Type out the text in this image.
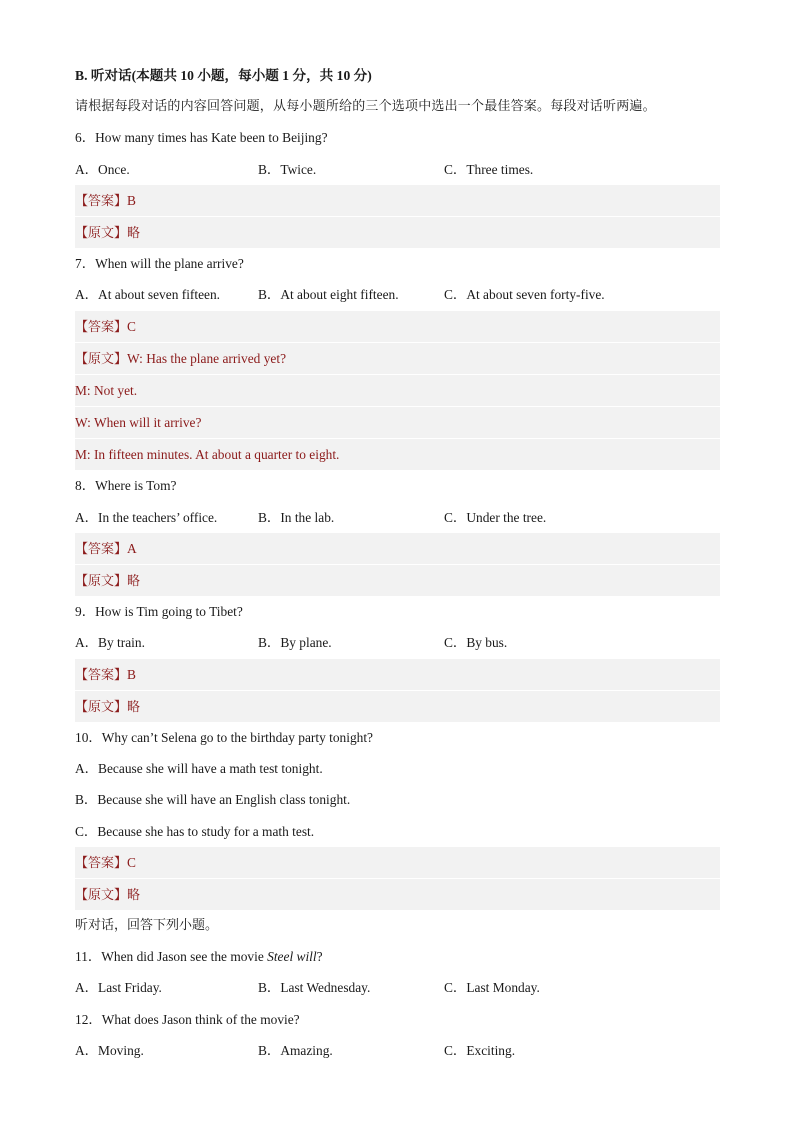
B. 听对话(本题共 10 小题，每小题 1 分，共 10 分)
请根据每段对话的内容回答问题，从每小题所给的三个选项中选出一个最佳答案。每段对话听两遍。
6．How many times has Kate been to Beijing?
A．Once.	B．Twice.	C．Three times.
【答案】B
【原文】略
7．When will the plane arrive?
A．At about seven fifteen.	B．At about eight fifteen.	C．At about seven forty-five.
【答案】C
【原文】W: Has the plane arrived yet?
M: Not yet.
W: When will it arrive?
M: In fifteen minutes. At about a quarter to eight.
8．Where is Tom?
A．In the teachers’ office.	B．In the lab.	C．Under the tree.
【答案】A
【原文】略
9．How is Tim going to Tibet?
A．By train.	B．By plane.	C．By bus.
【答案】B
【原文】略
10．Why can’t Selena go to the birthday party tonight?
A．Because she will have a math test tonight.
B．Because she will have an English class tonight.
C．Because she has to study for a math test.
【答案】C
【原文】略
听对话，回答下列小题。
11．When did Jason see the movie Steel will?
A．Last Friday.	B．Last Wednesday.	C．Last Monday.
12．What does Jason think of the movie?
A．Moving.	B．Amazing.	C．Exciting.
